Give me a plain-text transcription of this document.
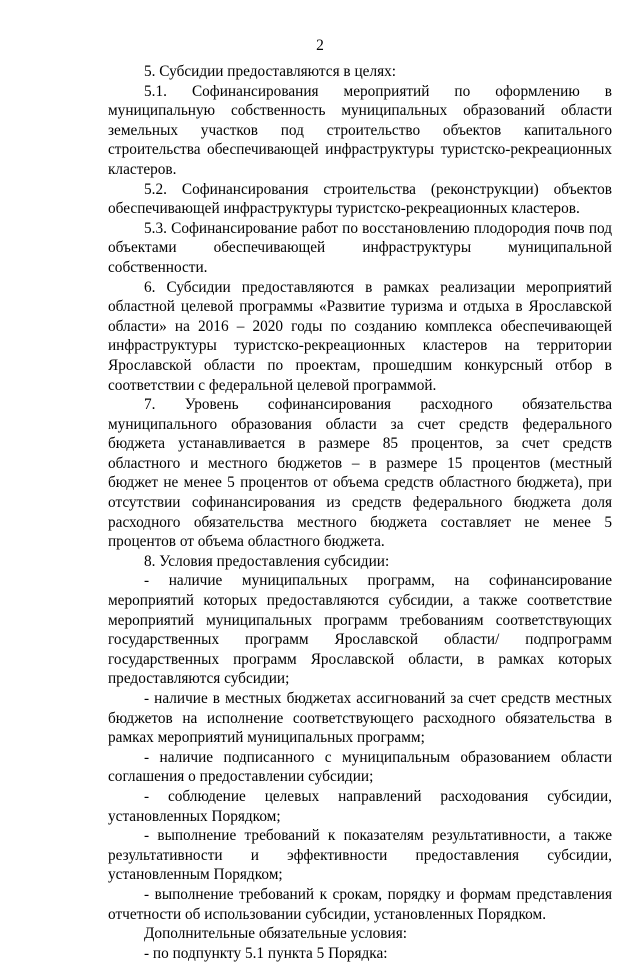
2

5. Субсидии предоставляются в целях:

5.1. Софинансирования мероприятий по оформлению в муниципальную собственность муниципальных образований области земельных участков под строительство объектов капитального строительства обеспечивающей инфраструктуры туристско-рекреационных кластеров.

5.2. Софинансирования строительства (реконструкции) объектов обеспечивающей инфраструктуры туристско-рекреационных кластеров.

5.3. Софинансирование работ по восстановлению плодородия почв под объектами обеспечивающей инфраструктуры муниципальной собственности.

6. Субсидии предоставляются в рамках реализации мероприятий областной целевой программы «Развитие туризма и отдыха в Ярославской области» на 2016 – 2020 годы по созданию комплекса обеспечивающей инфраструктуры туристско-рекреационных кластеров на территории Ярославской области по проектам, прошедшим конкурсный отбор в соответствии с федеральной целевой программой.

7. Уровень софинансирования расходного обязательства муниципального образования области за счет средств федерального бюджета устанавливается в размере 85 процентов, за счет средств областного и местного бюджетов – в размере 15 процентов (местный бюджет не менее 5 процентов от объема средств областного бюджета), при отсутствии софинансирования из средств федерального бюджета доля расходного обязательства местного бюджета составляет не менее 5 процентов от объема областного бюджета.

8. Условия предоставления субсидии:

- наличие муниципальных программ, на софинансирование мероприятий которых предоставляются субсидии, а также соответствие мероприятий муниципальных программ требованиям соответствующих государственных программ Ярославской области/ подпрограмм государственных программ Ярославской области, в рамках которых предоставляются субсидии;

- наличие в местных бюджетах ассигнований за счет средств местных бюджетов на исполнение соответствующего расходного обязательства в рамках мероприятий муниципальных программ;

- наличие подписанного с муниципальным образованием области соглашения о предоставлении субсидии;

- соблюдение целевых направлений расходования субсидии, установленных Порядком;

- выполнение требований к показателям результативности, а также результативности и эффективности предоставления субсидии, установленным Порядком;

- выполнение требований к срокам, порядку и формам представления отчетности об использовании субсидии, установленных Порядком.

Дополнительные обязательные условия:

- по подпункту 5.1 пункта 5 Порядка:
